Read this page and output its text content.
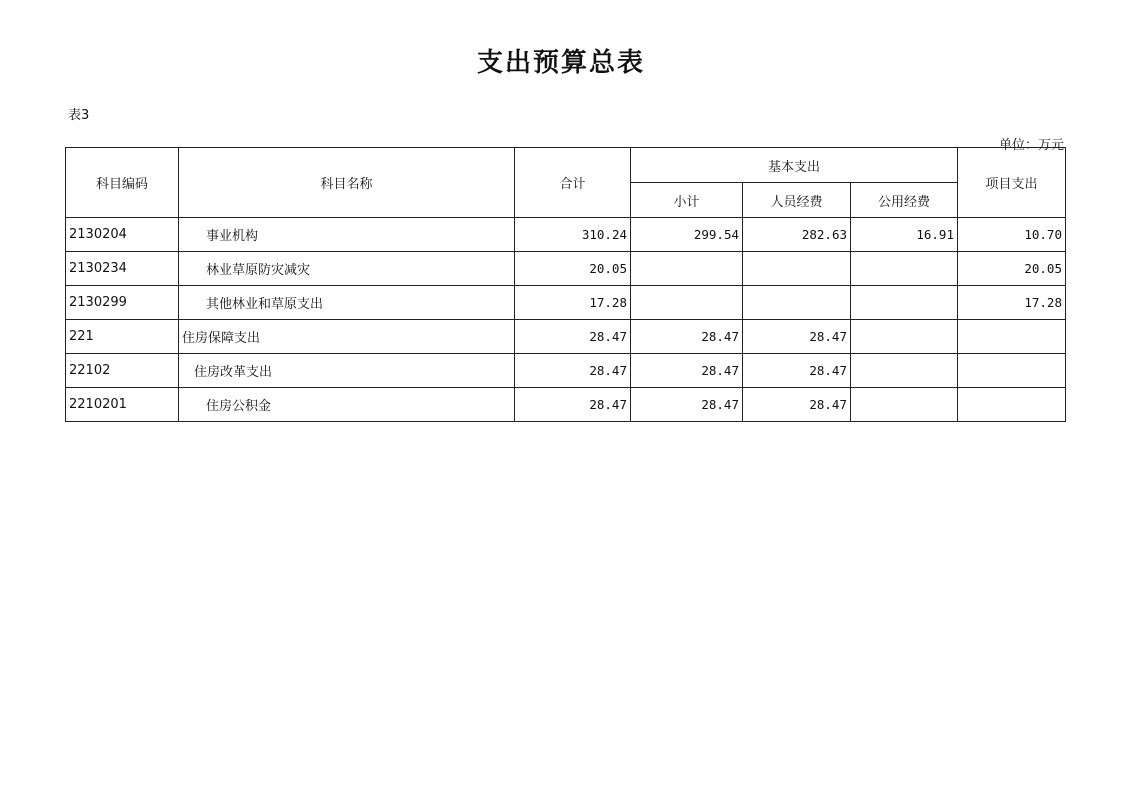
支出预算总表
表3
单位：万元
科目编码	科目名称	合计	基本支出			项目支出
			小计	人员经费	公用经费	
2130204	事业机构	310.24	299.54	282.63	16.91	10.70
2130234	林业草原防灾减灾	20.05				20.05
2130299	其他林业和草原支出	17.28				17.28
221	住房保障支出	28.47	28.47	28.47		
22102	住房改革支出	28.47	28.47	28.47		
2210201	住房公积金	28.47	28.47	28.47		
